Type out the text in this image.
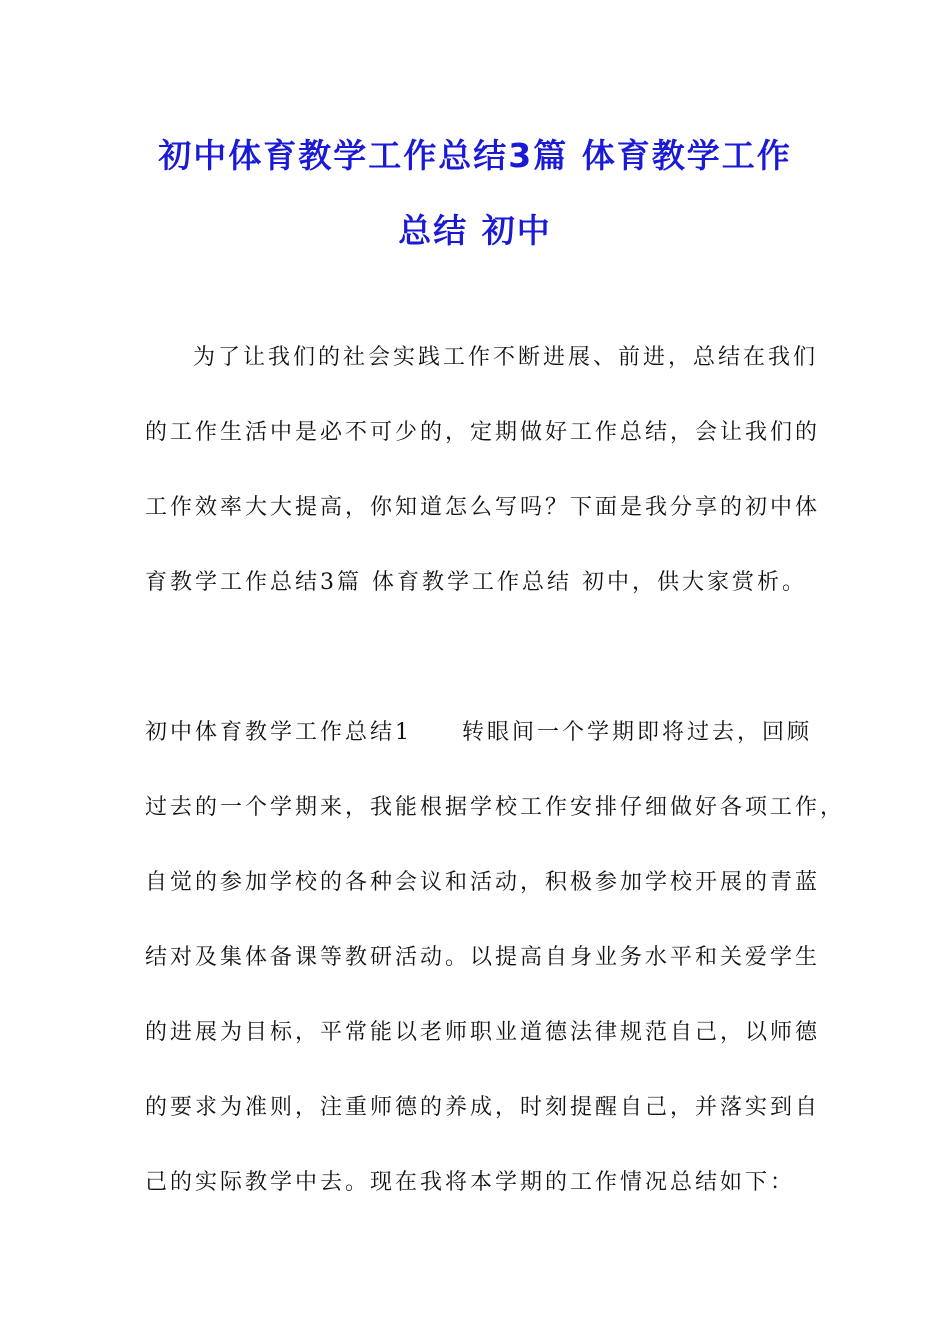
初中体育教学工作总结3篇 体育教学工作
总结 初中
为了让我们的社会实践工作不断进展、前进，总结在我们
的工作生活中是必不可少的，定期做好工作总结，会让我们的
工作效率大大提高，你知道怎么写吗？下面是我分享的初中体
育教学工作总结3篇 体育教学工作总结 初中，供大家赏析。
初中体育教学工作总结1　　转眼间一个学期即将过去，回顾
过去的一个学期来，我能根据学校工作安排仔细做好各项工作，
自觉的参加学校的各种会议和活动，积极参加学校开展的青蓝
结对及集体备课等教研活动。以提高自身业务水平和关爱学生
的进展为目标，平常能以老师职业道德法律规范自己，以师德
的要求为准则，注重师德的养成，时刻提醒自己，并落实到自
己的实际教学中去。现在我将本学期的工作情况总结如下：
